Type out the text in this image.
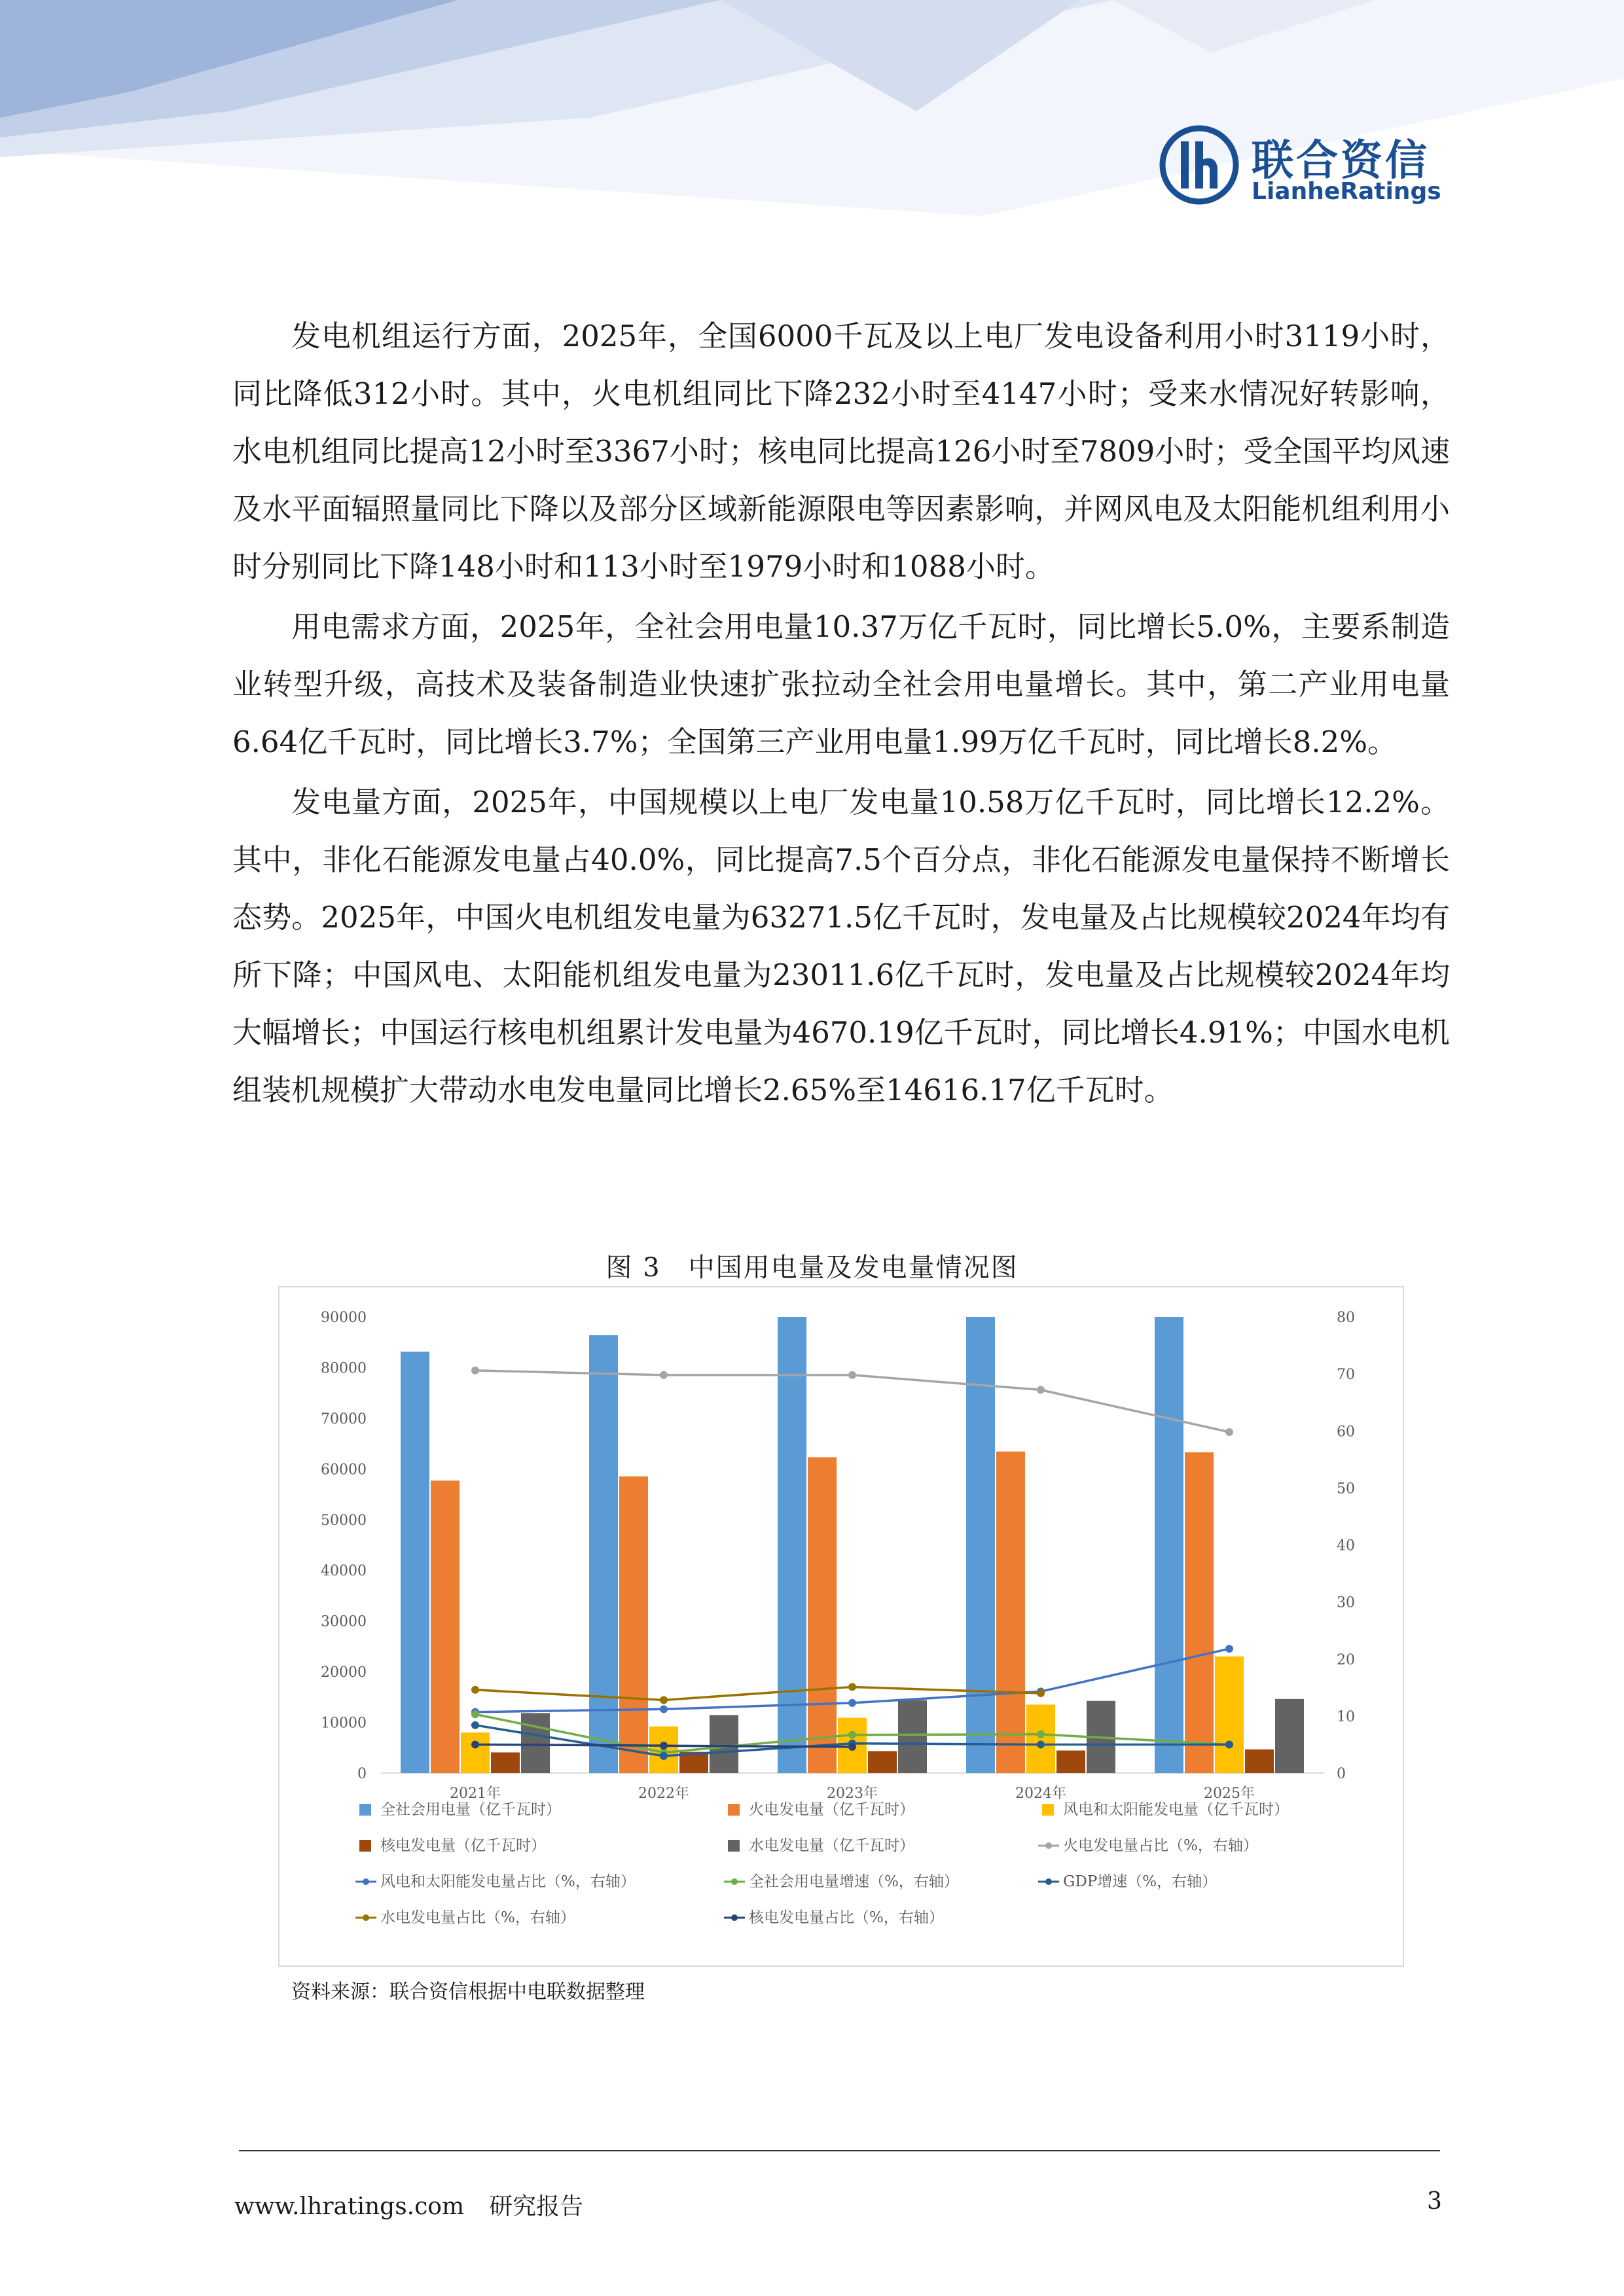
联合资信
LianheRatings

发电机组运行方面，2025年，全国6000千瓦及以上电厂发电设备利用小时3119小时，同比降低312小时。其中，火电机组同比下降232小时至4147小时；受来水情况好转影响，水电机组同比提高12小时至3367小时；核电同比提高126小时至7809小时；受全国平均风速及水平面辐照量同比下降以及部分区域新能源限电等因素影响，并网风电及太阳能机组利用小时分别同比下降148小时和113小时至1979小时和1088小时。

用电需求方面，2025年，全社会用电量10.37万亿千瓦时，同比增长5.0%，主要系制造业转型升级，高技术及装备制造业快速扩张拉动全社会用电量增长。其中，第二产业用电量6.64亿千瓦时，同比增长3.7%；全国第三产业用电量1.99万亿千瓦时，同比增长8.2%。

发电量方面，2025年，中国规模以上电厂发电量10.58万亿千瓦时，同比增长12.2%。其中，非化石能源发电量占40.0%，同比提高7.5个百分点，非化石能源发电量保持不断增长态势。2025年，中国火电机组发电量为63271.5亿千瓦时，发电量及占比规模较2024年均有所下降；中国风电、太阳能机组发电量为23011.6亿千瓦时，发电量及占比规模较2024年均大幅增长；中国运行核电机组累计发电量为4670.19亿千瓦时，同比增长4.91%；中国水电机组装机规模扩大带动水电发电量同比增长2.65%至14616.17亿千瓦时。

图 3　中国用电量及发电量情况图
0
10000
20000
30000
40000
50000
60000
70000
80000
90000
0
10
20
30
40
50
60
70
80
2021年	2022年	2023年	2024年	2025年
全社会用电量（亿千瓦时）	火电发电量（亿千瓦时）	风电和太阳能发电量（亿千瓦时）
核电发电量（亿千瓦时）	水电发电量（亿千瓦时）	火电发电量占比（%，右轴）
风电和太阳能发电量占比（%，右轴）	全社会用电量增速（%，右轴）	GDP增速（%，右轴）
水电发电量占比（%，右轴）	核电发电量占比（%，右轴）
资料来源：联合资信根据中电联数据整理
www.lhratings.com 研究报告	3
